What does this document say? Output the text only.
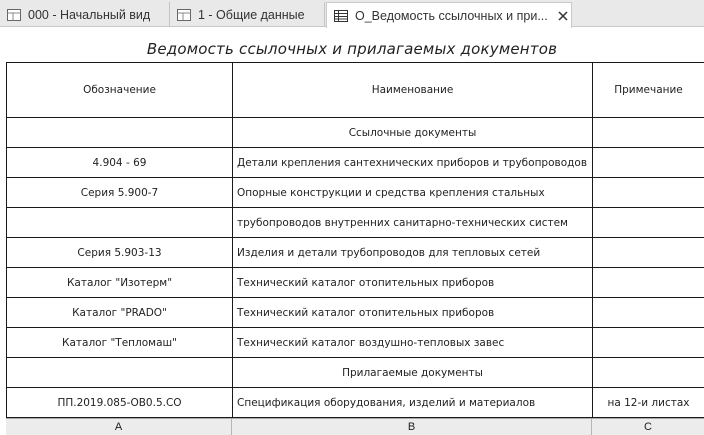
000 - Начальный вид	1 - Общие данные	О_Ведомость ссылочных и при...
Ведомость ссылочных и прилагаемых документов
Обозначение	Наименование	Примечание
	Ссылочные документы	
4.904 - 69	Детали крепления сантехнических приборов и трубопроводов	
Серия 5.900-7	Опорные конструкции и средства крепления стальных	
	трубопроводов внутренних санитарно-технических систем	
Серия 5.903-13	Изделия и детали трубопроводов для тепловых сетей	
Каталог "Изотерм"	Технический каталог отопительных приборов	
Каталог "PRADO"	Технический каталог отопительных приборов	
Каталог "Тепломаш"	Технический каталог воздушно-тепловых завес	
	Прилагаемые документы	
ПП.2019.085-ОВ0.5.СО	Спецификация оборудования, изделий и материалов	на 12-и листах
A	B	C
